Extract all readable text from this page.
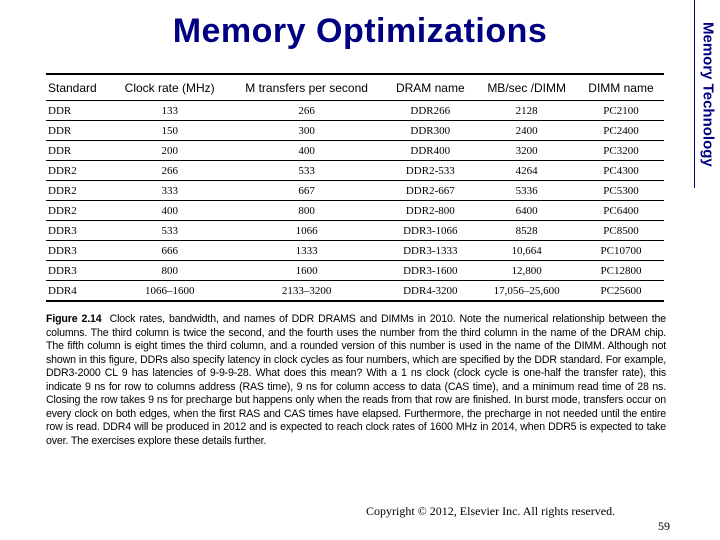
Memory Optimizations	Memory Technology
Standard	Clock rate (MHz)	M transfers per second	DRAM name	MB/sec /DIMM	DIMM name
DDR	133	266	DDR266	2128	PC2100
DDR	150	300	DDR300	2400	PC2400
DDR	200	400	DDR400	3200	PC3200
DDR2	266	533	DDR2-533	4264	PC4300
DDR2	333	667	DDR2-667	5336	PC5300
DDR2	400	800	DDR2-800	6400	PC6400
DDR3	533	1066	DDR3-1066	8528	PC8500
DDR3	666	1333	DDR3-1333	10,664	PC10700
DDR3	800	1600	DDR3-1600	12,800	PC12800
DDR4	1066–1600	2133–3200	DDR4-3200	17,056–25,600	PC25600
Figure 2.14 Clock rates, bandwidth, and names of DDR DRAMS and DIMMs in 2010. Note the numerical relationship between the columns. The third column is twice the second, and the fourth uses the number from the third column in the name of the DRAM chip. The fifth column is eight times the third column, and a rounded version of this number is used in the name of the DIMM. Although not shown in this figure, DDRs also specify latency in clock cycles as four numbers, which are specified by the DDR standard. For example, DDR3-2000 CL 9 has latencies of 9-9-9-28. What does this mean? With a 1 ns clock (clock cycle is one-half the transfer rate), this indicate 9 ns for row to columns address (RAS time), 9 ns for column access to data (CAS time), and a minimum read time of 28 ns. Closing the row takes 9 ns for precharge but happens only when the reads from that row are finished. In burst mode, transfers occur on every clock on both edges, when the first RAS and CAS times have elapsed. Furthermore, the precharge in not needed until the entire row is read. DDR4 will be produced in 2012 and is expected to reach clock rates of 1600 MHz in 2014, when DDR5 is expected to take over. The exercises explore these details further.
Copyright © 2012, Elsevier Inc. All rights reserved.
59
